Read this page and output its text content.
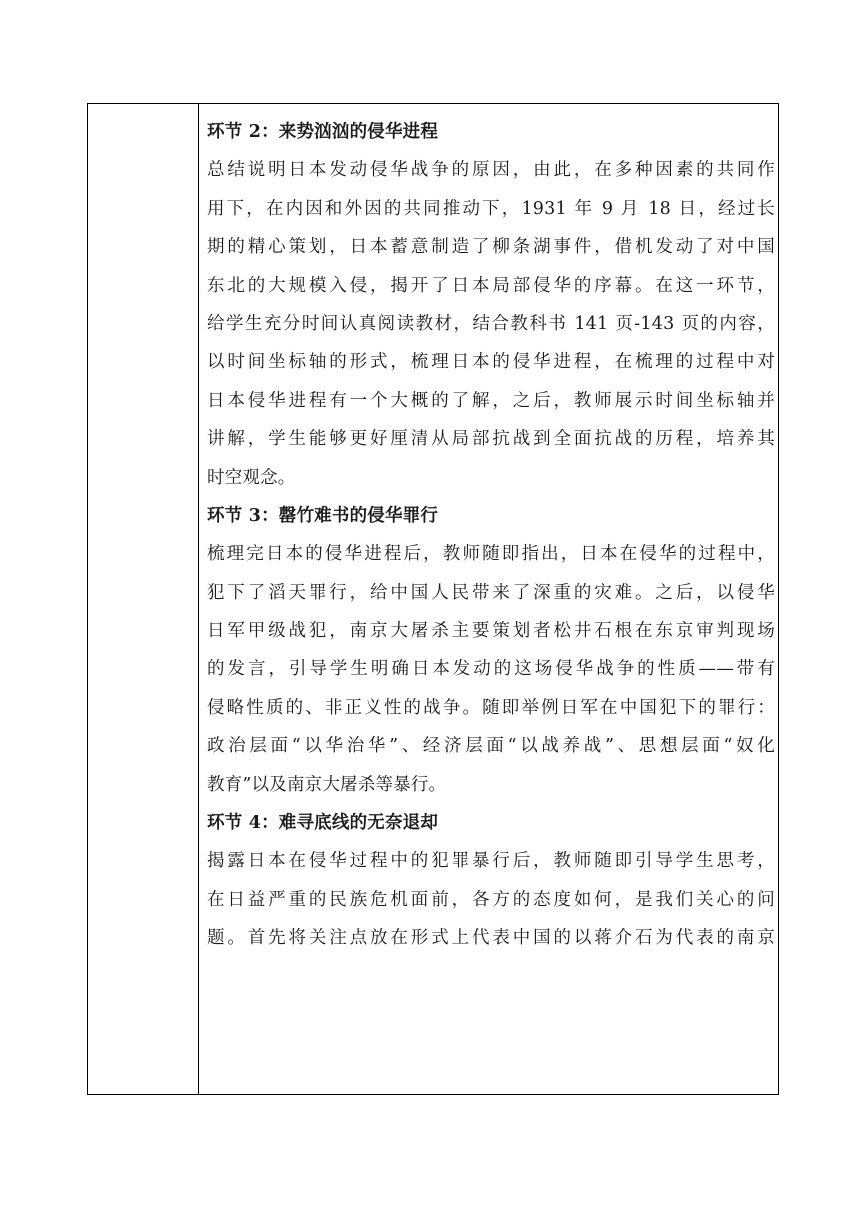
环节 2：来势汹汹的侵华进程
总结说明日本发动侵华战争的原因，由此，在多种因素的共同作
用下，在内因和外因的共同推动下，1931 年 9 月 18 日，经过长
期的精心策划，日本蓄意制造了柳条湖事件，借机发动了对中国
东北的大规模入侵，揭开了日本局部侵华的序幕。在这一环节，
给学生充分时间认真阅读教材，结合教科书 141 页-143 页的内容，
以时间坐标轴的形式，梳理日本的侵华进程，在梳理的过程中对
日本侵华进程有一个大概的了解，之后，教师展示时间坐标轴并
讲解，学生能够更好厘清从局部抗战到全面抗战的历程，培养其
时空观念。
环节 3：罄竹难书的侵华罪行
梳理完日本的侵华进程后，教师随即指出，日本在侵华的过程中，
犯下了滔天罪行，给中国人民带来了深重的灾难。之后，以侵华
日军甲级战犯，南京大屠杀主要策划者松井石根在东京审判现场
的发言，引导学生明确日本发动的这场侵华战争的性质——带有
侵略性质的、非正义性的战争。随即举例日军在中国犯下的罪行：
政治层面“以华治华”、经济层面“以战养战”、思想层面“奴化
教育”以及南京大屠杀等暴行。
环节 4：难寻底线的无奈退却
揭露日本在侵华过程中的犯罪暴行后，教师随即引导学生思考，
在日益严重的民族危机面前，各方的态度如何，是我们关心的问
题。首先将关注点放在形式上代表中国的以蒋介石为代表的南京
